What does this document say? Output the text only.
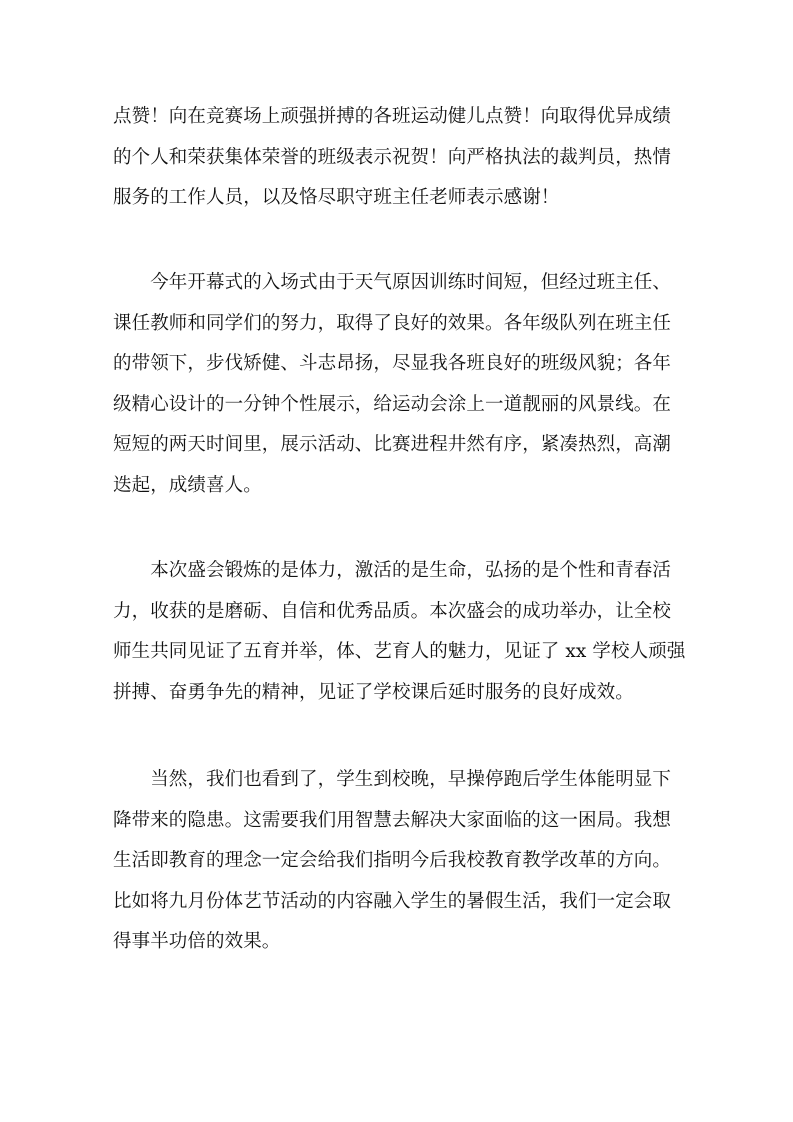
点赞！向在竞赛场上顽强拼搏的各班运动健儿点赞！向取得优异成绩
的个人和荣获集体荣誉的班级表示祝贺！向严格执法的裁判员，热情
服务的工作人员，以及恪尽职守班主任老师表示感谢！
　　今年开幕式的入场式由于天气原因训练时间短，但经过班主任、
课任教师和同学们的努力，取得了良好的效果。各年级队列在班主任
的带领下，步伐矫健、斗志昂扬，尽显我各班良好的班级风貌；各年
级精心设计的一分钟个性展示，给运动会涂上一道靓丽的风景线。在
短短的两天时间里，展示活动、比赛进程井然有序，紧凑热烈，高潮
迭起，成绩喜人。
　　本次盛会锻炼的是体力，激活的是生命，弘扬的是个性和青春活
力，收获的是磨砺、自信和优秀品质。本次盛会的成功举办，让全校
师生共同见证了五育并举，体、艺育人的魅力，见证了 xx 学校人顽强
拼搏、奋勇争先的精神，见证了学校课后延时服务的良好成效。
　　当然，我们也看到了，学生到校晚，早操停跑后学生体能明显下
降带来的隐患。这需要我们用智慧去解决大家面临的这一困局。我想
生活即教育的理念一定会给我们指明今后我校教育教学改革的方向。
比如将九月份体艺节活动的内容融入学生的暑假生活，我们一定会取
得事半功倍的效果。
